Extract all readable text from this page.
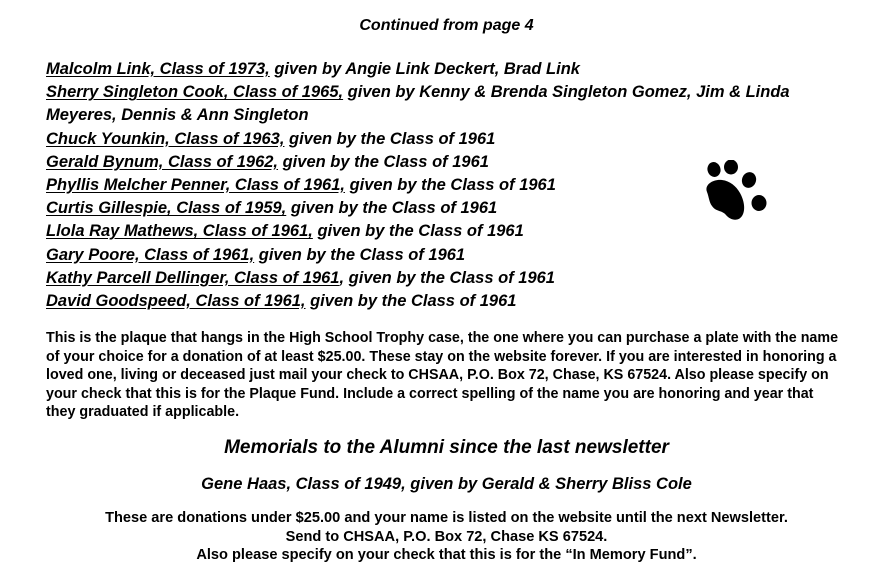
Continued from page 4

Malcolm Link, Class of 1973, given by Angie Link Deckert, Brad Link
Sherry Singleton Cook, Class of 1965, given by Kenny & Brenda Singleton Gomez, Jim & Linda Meyeres, Dennis & Ann Singleton
Chuck Younkin, Class of 1963, given by the Class of 1961
Gerald Bynum, Class of 1962, given by the Class of 1961
Phyllis Melcher Penner, Class of 1961, given by the Class of 1961
Curtis Gillespie, Class of 1959, given by the Class of 1961
Llola Ray Mathews, Class of 1961, given by the Class of 1961
Gary Poore, Class of 1961, given by the Class of 1961
Kathy Parcell Dellinger, Class of 1961, given by the Class of 1961
David Goodspeed, Class of 1961, given by the Class of 1961

This is the plaque that hangs in the High School Trophy case, the one where you can purchase a plate with the name of your choice for a donation of at least $25.00. These stay on the website forever. If you are interested in honoring a loved one, living or deceased just mail your check to CHSAA, P.O. Box 72, Chase, KS 67524. Also please specify on your check that this is for the Plaque Fund. Include a correct spelling of the name you are honoring and year that they graduated if applicable.

Memorials to the Alumni since the last newsletter

Gene Haas, Class of 1949, given by Gerald & Sherry Bliss Cole

These are donations under $25.00 and your name is listed on the website until the next Newsletter.
Send to CHSAA, P.O. Box 72, Chase KS 67524.
Also please specify on your check that this is for the “In Memory Fund”.
